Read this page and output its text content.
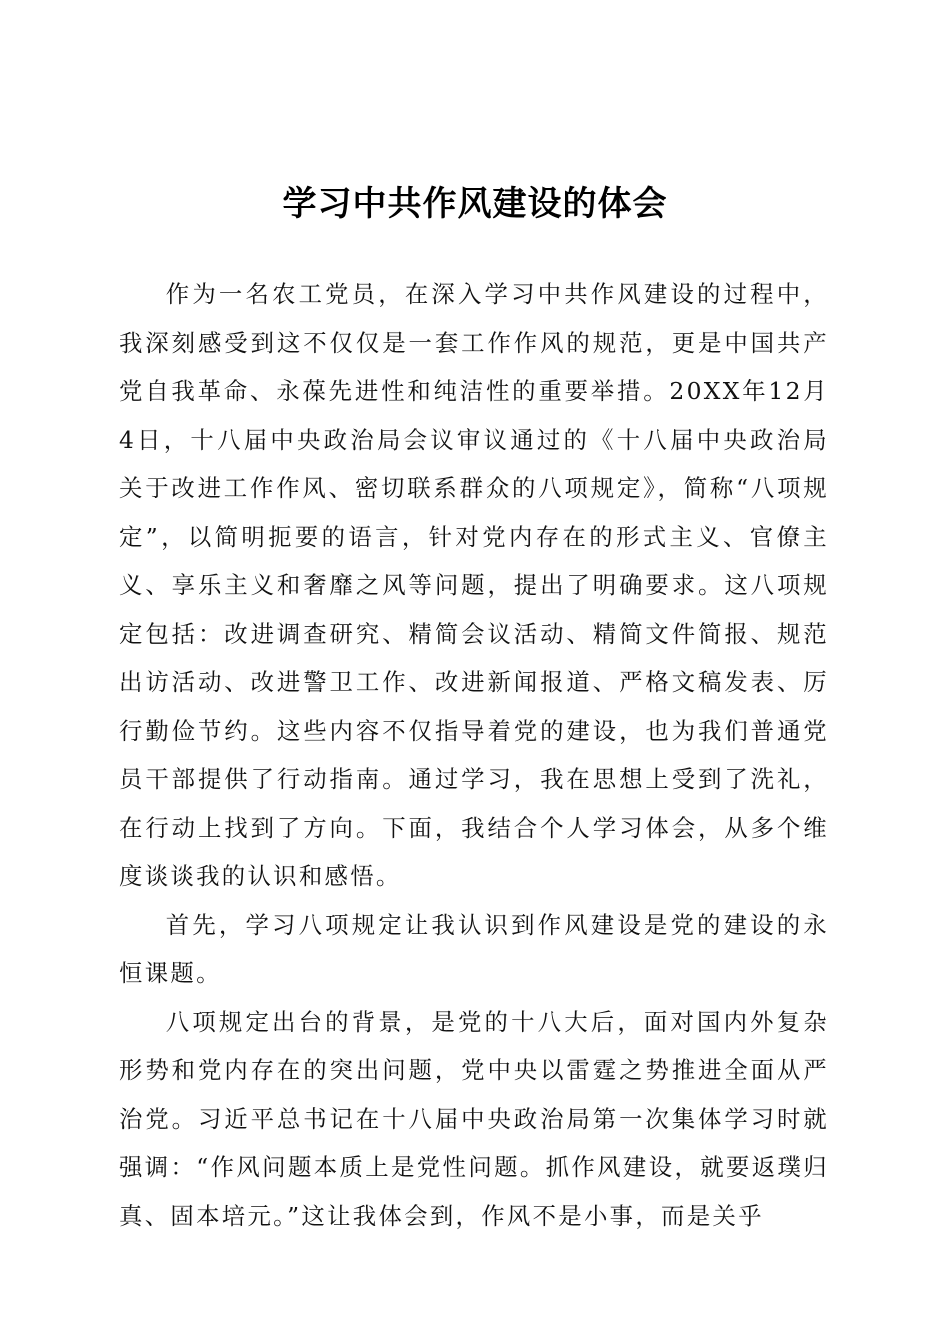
学习中共作风建设的体会

作为一名农工党员，在深入学习中共作风建设的过程中，我深刻感受到这不仅仅是一套工作作风的规范，更是中国共产党自我革命、永葆先进性和纯洁性的重要举措。20XX年12月4日，十八届中央政治局会议审议通过的《十八届中央政治局关于改进工作作风、密切联系群众的八项规定》，简称“八项规定”，以简明扼要的语言，针对党内存在的形式主义、官僚主义、享乐主义和奢靡之风等问题，提出了明确要求。这八项规定包括：改进调查研究、精简会议活动、精简文件简报、规范出访活动、改进警卫工作、改进新闻报道、严格文稿发表、厉行勤俭节约。这些内容不仅指导着党的建设，也为我们普通党员干部提供了行动指南。通过学习，我在思想上受到了洗礼，在行动上找到了方向。下面，我结合个人学习体会，从多个维度谈谈我的认识和感悟。

首先，学习八项规定让我认识到作风建设是党的建设的永恒课题。

八项规定出台的背景，是党的十八大后，面对国内外复杂形势和党内存在的突出问题，党中央以雷霆之势推进全面从严治党。习近平总书记在十八届中央政治局第一次集体学习时就强调：“作风问题本质上是党性问题。抓作风建设，就要返璞归真、固本培元。”这让我体会到，作风不是小事，而是关乎
